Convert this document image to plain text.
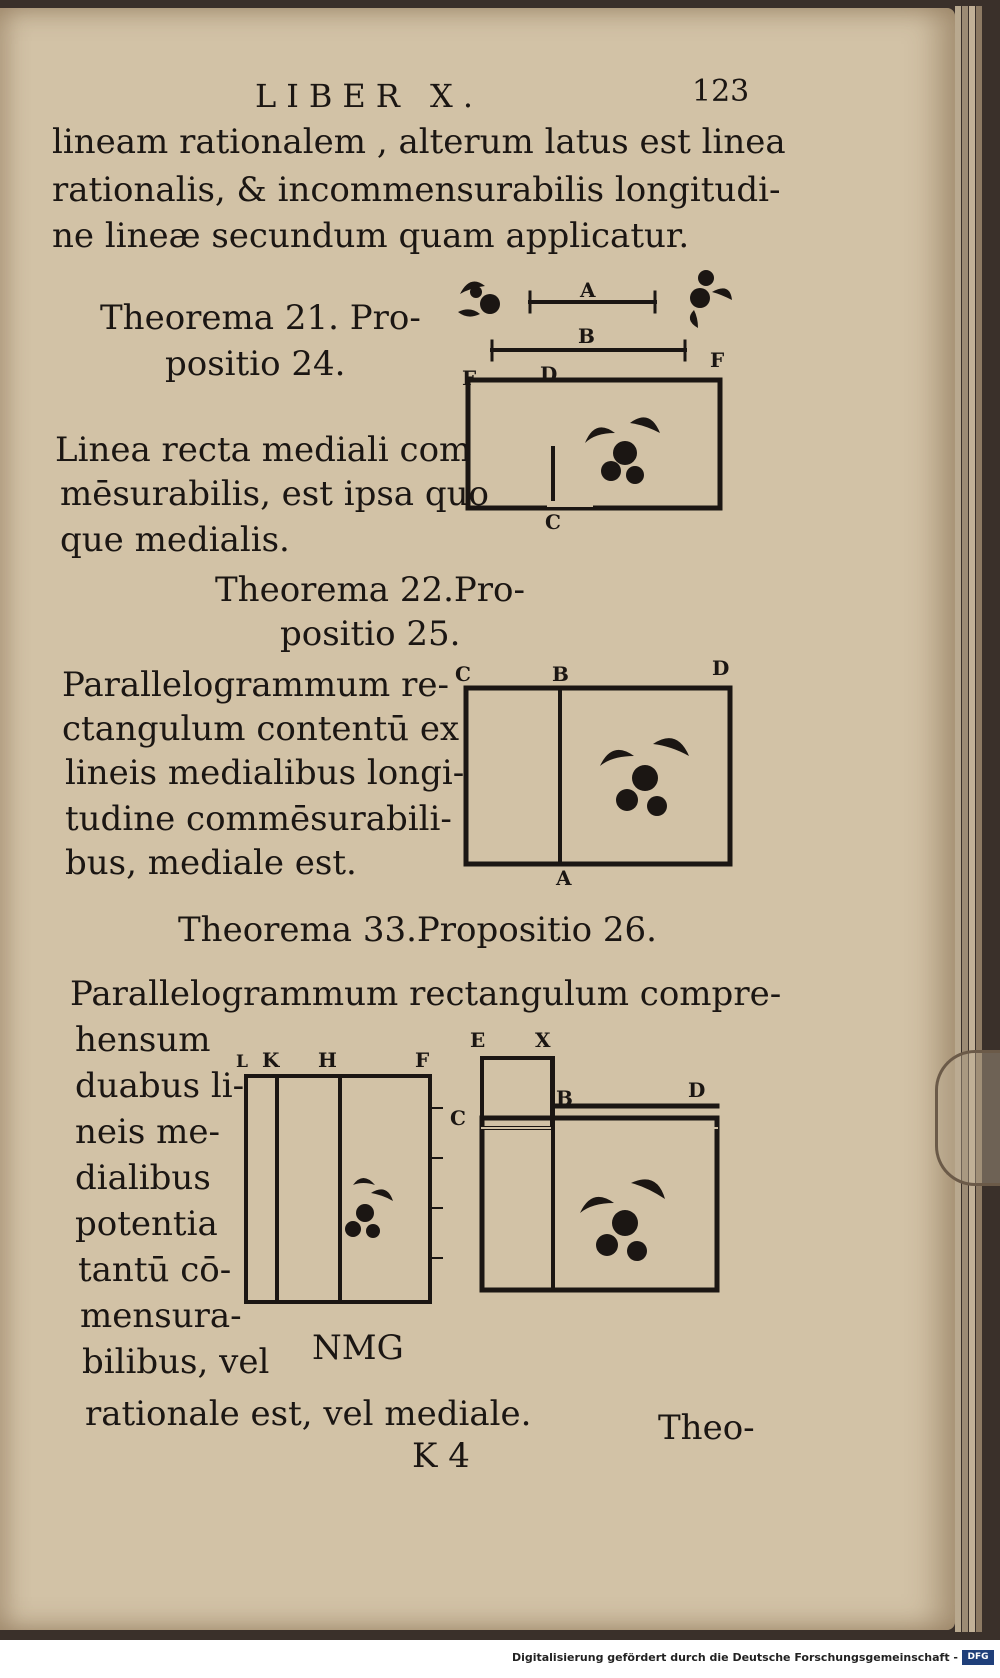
LIBER X.	123
lineam rationalem , alterum latus est linea
rationalis, & incommensurabilis longitudi-
ne lineæ secundum quam applicatur.
Theorema 21. Pro-
positio 24.
Linea recta mediali com
mēsurabilis, est ipsa quo
que medialis.
Theorema 22.Pro-
positio 25.
Parallelogrammum re-
ctangulum contentū ex
lineis medialibus longi-
tudine commēsurabili-
bus, mediale est.
Theorema 33.Propositio 26.
Parallelogrammum rectangulum compre-
hensum
duabus li-
neis me-
dialibus
potentia
tantū cō-
mensura-
bilibus, vel NMG
rationale est, vel mediale.
K 4
Theo-
A
B
F	D
F
C
C	B	D
A
L K H	F
E X
C
B	D
Digitalisierung gefördert durch die Deutsche Forschungsgemeinschaft -	DFG
